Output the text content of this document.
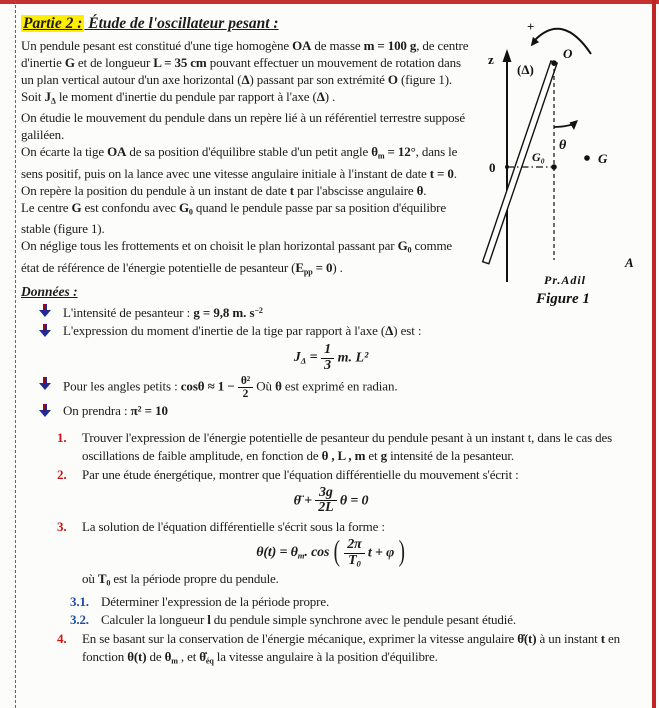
+
z
(Δ)
O
θ
G
G₀
0
A
Pr.Adil
Figure 1
Partie 2 : Étude de l'oscillateur pesant :

Un pendule pesant est constitué d'une tige homogène OA de masse m = 100 g, de centre d'inertie G et de longueur L = 35 cm pouvant effectuer un mouvement de rotation dans un plan vertical autour d'un axe horizontal (Δ) passant par son extrémité O (figure 1).

Soit $J_\Delta$ le moment d'inertie du pendule par rapport à l'axe (Δ) .

On étudie le mouvement du pendule dans un repère lié à un référentiel terrestre supposé galiléen.

On écarte la tige OA de sa position d'équilibre stable d'un petit angle $\theta_m = 12^\circ$, dans le sens positif, puis on la lance avec une vitesse angulaire initiale à l'instant de date t = 0.

On repère la position du pendule à un instant de date t par l'abscisse angulaire θ.

Le centre G est confondu avec $G_0$ quand le pendule passe par sa position d'équilibre stable (figure 1).

On néglige tous les frottements et on choisit le plan horizontal passant par $G_0$ comme état de référence de l'énergie potentielle de pesanteur $(E_{pp} = 0)$ .

Données :
L'intensité de pesanteur : g = 9,8 m. $s^{-2}$
L'expression du moment d'inertie de la tige par rapport à l'axe (Δ) est :
$J_\Delta = \frac{1}{3} m$. L²
Pour les angles petits : $\cos\theta \approx 1 - \frac{\text{θ²}}{2}$ Où θ est exprimé en radian.
On prendra : π² = 10
1.	Trouver l'expression de l'énergie potentielle de pesanteur du pendule pesant à un instant t, dans le cas des oscillations de faible amplitude, en fonction de θ , L , m et g intensité de la pesanteur.
2.	Par une étude énergétique, montrer que l'équation différentielle du mouvement s'écrit :
θ̈ + $\frac{3g}{2L}$ θ = 0
3.	La solution de l'équation différentielle s'écrit sous la forme :
$\theta(t) = \theta_m$. cos ( $\frac{2\pi}{T_0}$ t + φ )
où $T_0$ est la période propre du pendule.
3.1. Déterminer l'expression de la période propre.
3.2. Calculer la longueur l du pendule simple synchrone avec le pendule pesant étudié.
4.	En se basant sur la conservation de l'énergie mécanique, exprimer la vitesse angulaire θ̇(t) à un instant t en fonction θ(t) de $\theta_m$ , et $\thetȧ_{éq}$ la vitesse angulaire à la position d'équilibre.
